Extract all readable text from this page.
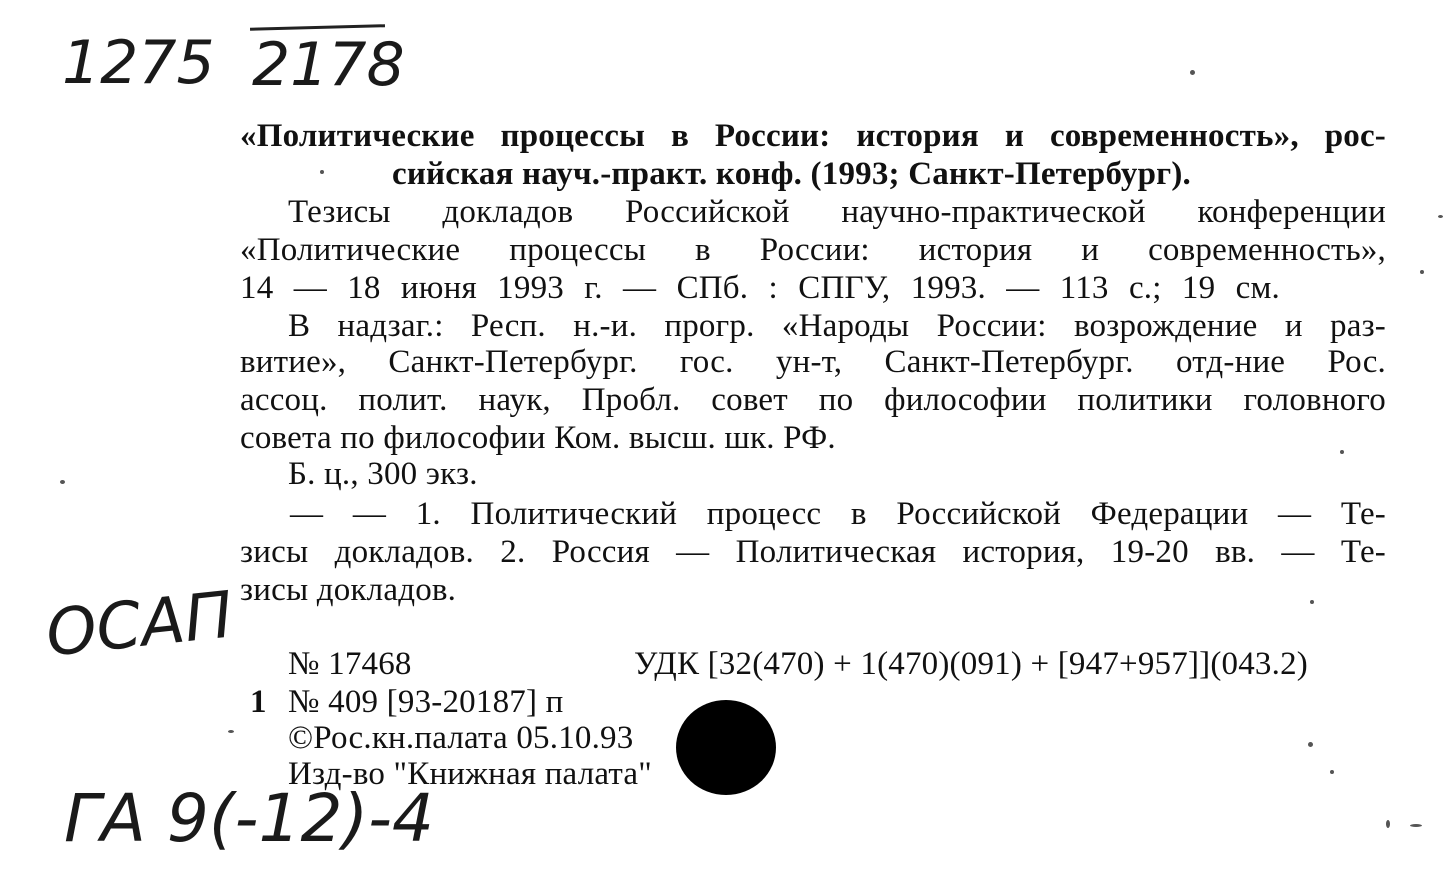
1275 2178
«Политические процессы в России: история и современность», рос-
сийская науч.-практ. конф. (1993; Санкт-Петербург).
Тезисы докладов Российской научно-практической конференции
«Политические процессы в России: история и современность»,
14 — 18 июня 1993 г. — СПб. : СПГУ, 1993. — 113 с.; 19 см.
В надзаг.: Респ. н.-и. прогр. «Народы России: возрождение и раз-
витие», Санкт-Петербург. гос. ун-т, Санкт-Петербург. отд-ние Рос.
ассоц. полит. наук, Пробл. совет по философии политики головного
совета по философии Ком. высш. шк. РФ.
Б. ц., 300 экз.
— — 1. Политический процесс в Российской Федерации — Те-
зисы докладов. 2. Россия — Политическая история, 19-20 вв. — Те-
зисы докладов.
ОСАП № 17468	УДК [32(470) + 1(470)(091) + [947+957]](043.2)
1 № 409 [93-20187] п
©Рос.кн.палата 05.10.93
Изд-во "Книжная палата"
ГА 9(-12)-4
